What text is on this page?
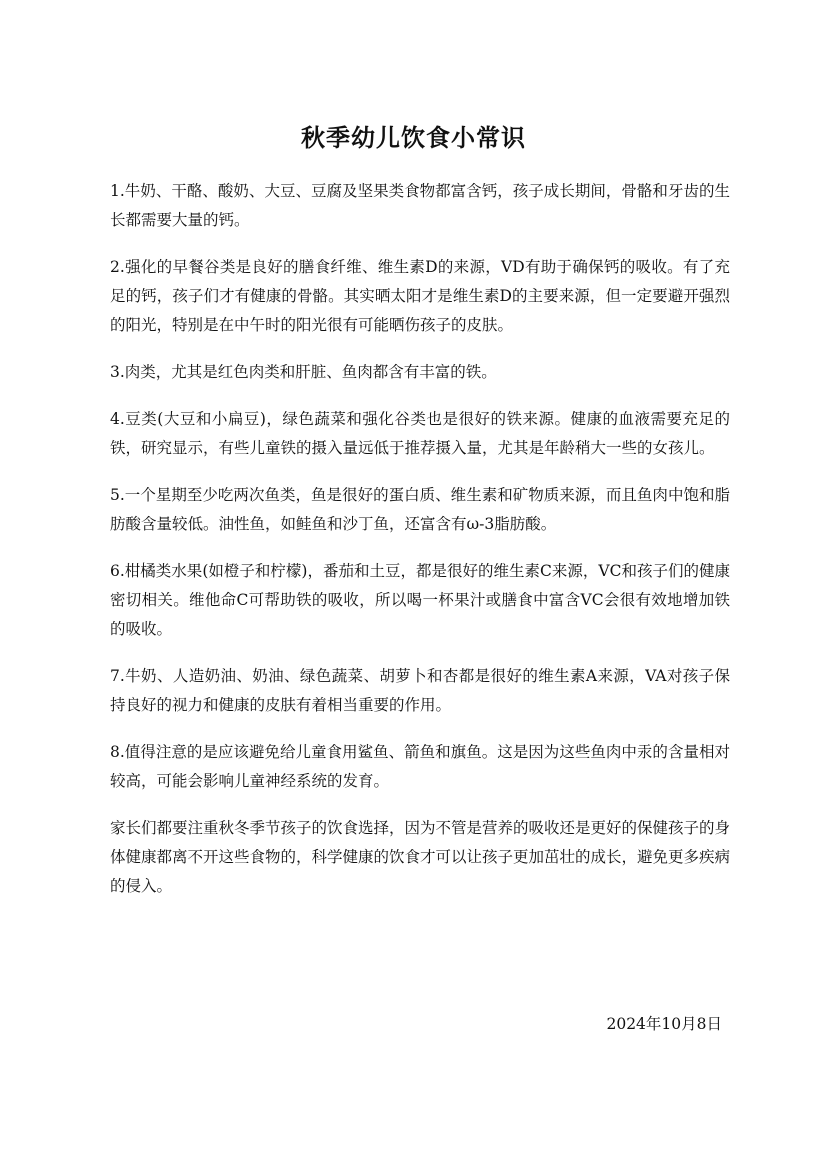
秋季幼儿饮食小常识

1.牛奶、干酪、酸奶、大豆、豆腐及坚果类食物都富含钙，孩子成长期间，骨骼和牙齿的生长都需要大量的钙。

2.强化的早餐谷类是良好的膳食纤维、维生素D的来源，VD有助于确保钙的吸收。有了充足的钙，孩子们才有健康的骨骼。其实晒太阳才是维生素D的主要来源，但一定要避开强烈的阳光，特别是在中午时的阳光很有可能晒伤孩子的皮肤。

3.肉类，尤其是红色肉类和肝脏、鱼肉都含有丰富的铁。

4.豆类(大豆和小扁豆)，绿色蔬菜和强化谷类也是很好的铁来源。健康的血液需要充足的铁，研究显示，有些儿童铁的摄入量远低于推荐摄入量，尤其是年龄稍大一些的女孩儿。

5.一个星期至少吃两次鱼类，鱼是很好的蛋白质、维生素和矿物质来源，而且鱼肉中饱和脂肪酸含量较低。油性鱼，如鲑鱼和沙丁鱼，还富含有ω-3脂肪酸。

6.柑橘类水果(如橙子和柠檬)，番茄和土豆，都是很好的维生素C来源，VC和孩子们的健康密切相关。维他命C可帮助铁的吸收，所以喝一杯果汁或膳食中富含VC会很有效地增加铁的吸收。

7.牛奶、人造奶油、奶油、绿色蔬菜、胡萝卜和杏都是很好的维生素A来源，VA对孩子保持良好的视力和健康的皮肤有着相当重要的作用。

8.值得注意的是应该避免给儿童食用鲨鱼、箭鱼和旗鱼。这是因为这些鱼肉中汞的含量相对较高，可能会影响儿童神经系统的发育。

家长们都要注重秋冬季节孩子的饮食选择，因为不管是营养的吸收还是更好的保健孩子的身体健康都离不开这些食物的，科学健康的饮食才可以让孩子更加茁壮的成长，避免更多疾病的侵入。

2024年10月8日
